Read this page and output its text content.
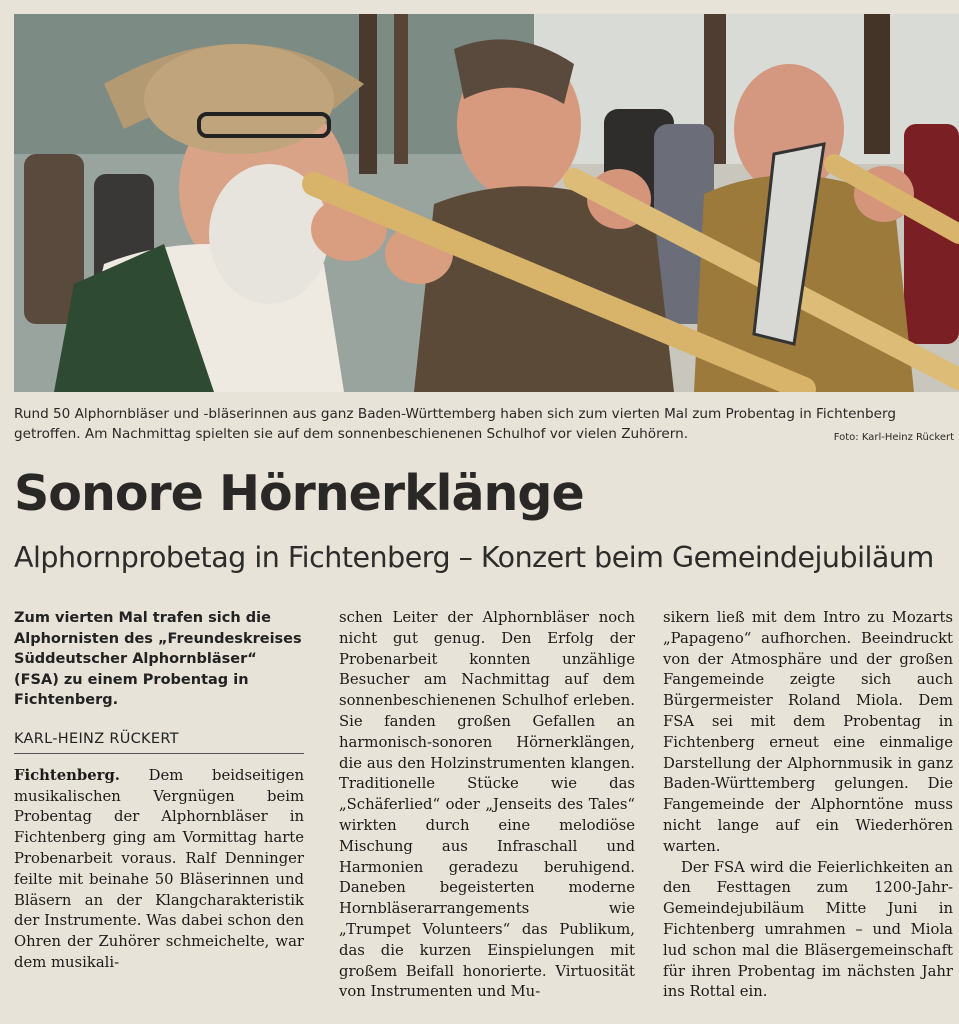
Rund 50 Alphornbläser und -bläserinnen aus ganz Baden-Württemberg haben sich zum vierten Mal zum Probentag in Fichtenberg getroffen. Am Nachmittag spielten sie auf dem sonnenbeschienenen Schulhof vor vielen Zuhörern.	Foto: Karl-Heinz Rückert
Sonore Hörnerklänge
Alphornprobetag in Fichtenberg – Konzert beim Gemeindejubiläum

Zum vierten Mal trafen sich die Alphornisten des „Freundeskreises Süddeutscher Alphornbläser“ (FSA) zu einem Probentag in Fichtenberg.

KARL-HEINZ RÜCKERT

Fichtenberg. Dem beidseitigen musikalischen Vergnügen beim Probentag der Alphornbläser in Fichtenberg ging am Vormittag harte Probenarbeit voraus. Ralf Denninger feilte mit beinahe 50 Bläserinnen und Bläsern an der Klangcharakteristik der Instrumente. Was dabei schon den Ohren der Zuhörer schmeichelte, war dem musikali-

schen Leiter der Alphornbläser noch nicht gut genug. Den Erfolg der Probenarbeit konnten unzählige Besucher am Nachmittag auf dem sonnenbeschienenen Schulhof erleben. Sie fanden großen Gefallen an harmonisch-sonoren Hörnerklängen, die aus den Holzinstrumenten klangen. Traditionelle Stücke wie das „Schäferlied“ oder „Jenseits des Tales“ wirkten durch eine melodiöse Mischung aus Infraschall und Harmonien geradezu beruhigend. Daneben begeisterten moderne Hornbläserarrangements wie „Trumpet Volunteers“ das Publikum, das die kurzen Einspielungen mit großem Beifall honorierte. Virtuosität von Instrumenten und Mu-

sikern ließ mit dem Intro zu Mozarts „Papageno“ aufhorchen. Beeindruckt von der Atmosphäre und der großen Fangemeinde zeigte sich auch Bürgermeister Roland Miola. Dem FSA sei mit dem Probentag in Fichtenberg erneut eine einmalige Darstellung der Alphornmusik in ganz Baden-Württemberg gelungen. Die Fangemeinde der Alphorntöne muss nicht lange auf ein Wiederhören warten.

Der FSA wird die Feierlichkeiten an den Festtagen zum 1200-Jahr-Gemeindejubiläum Mitte Juni in Fichtenberg umrahmen – und Miola lud schon mal die Bläsergemeinschaft für ihren Probentag im nächsten Jahr ins Rottal ein.
